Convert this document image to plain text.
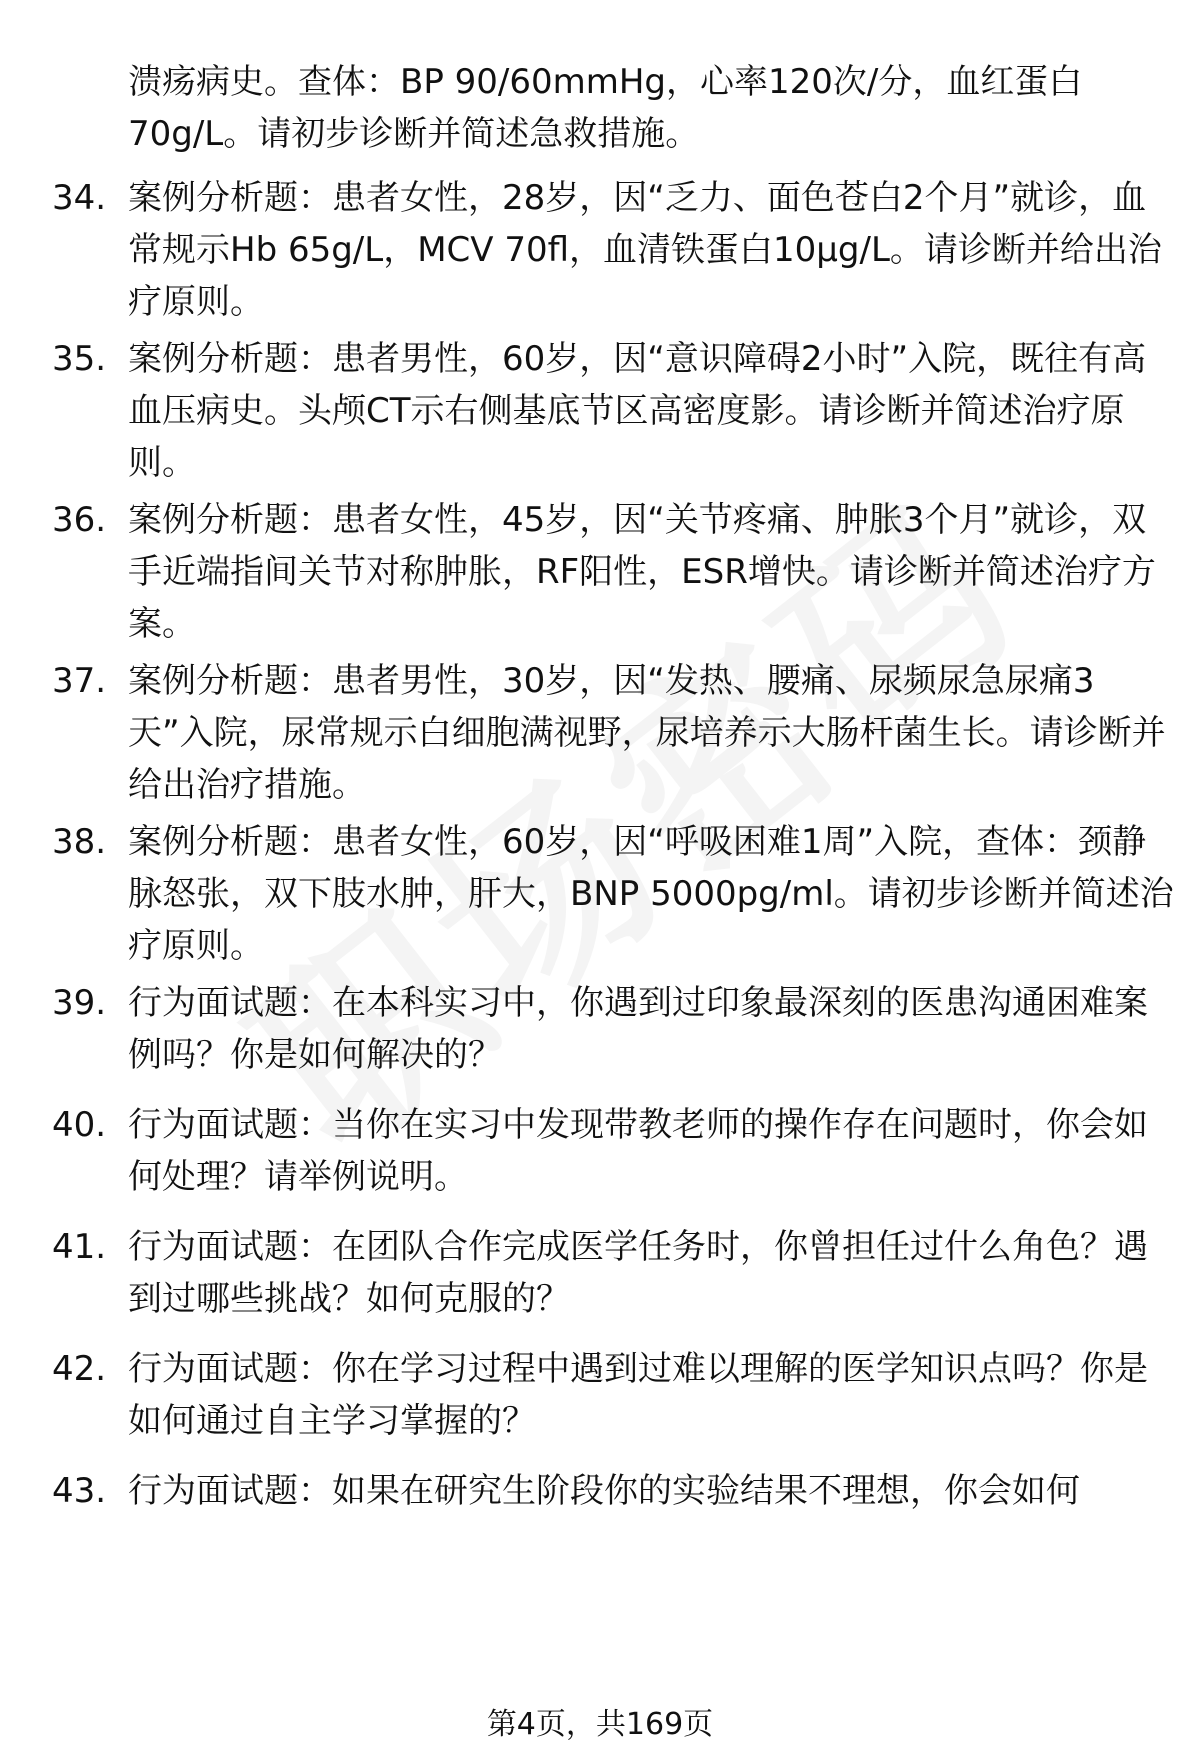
溃疡病史。查体：BP 90/60mmHg，心率120次/分，血红蛋白70g/L。请初步诊断并简述急救措施。
34. 案例分析题：患者女性，28岁，因“乏力、面色苍白2个月”就诊，血常规示Hb 65g/L，MCV 70fl，血清铁蛋白10μg/L。请诊断并给出治疗原则。
35. 案例分析题：患者男性，60岁，因“意识障碍2小时”入院，既往有高血压病史。头颅CT示右侧基底节区高密度影。请诊断并简述治疗原则。
36. 案例分析题：患者女性，45岁，因“关节疼痛、肿胀3个月”就诊，双手近端指间关节对称肿胀，RF阳性，ESR增快。请诊断并简述治疗方案。
37. 案例分析题：患者男性，30岁，因“发热、腰痛、尿频尿急尿痛3天”入院，尿常规示白细胞满视野，尿培养示大肠杆菌生长。请诊断并给出治疗措施。
38. 案例分析题：患者女性，60岁，因“呼吸困难1周”入院，查体：颈静脉怒张，双下肢水肿，肝大，BNP 5000pg/ml。请初步诊断并简述治疗原则。
39. 行为面试题：在本科实习中，你遇到过印象最深刻的医患沟通困难案例吗？你是如何解决的？
40. 行为面试题：当你在实习中发现带教老师的操作存在问题时，你会如何处理？请举例说明。
41. 行为面试题：在团队合作完成医学任务时，你曾担任过什么角色？遇到过哪些挑战？如何克服的？
42. 行为面试题：你在学习过程中遇到过难以理解的医学知识点吗？你是如何通过自主学习掌握的？
43. 行为面试题：如果在研究生阶段你的实验结果不理想，你会如何
第4页，共169页
